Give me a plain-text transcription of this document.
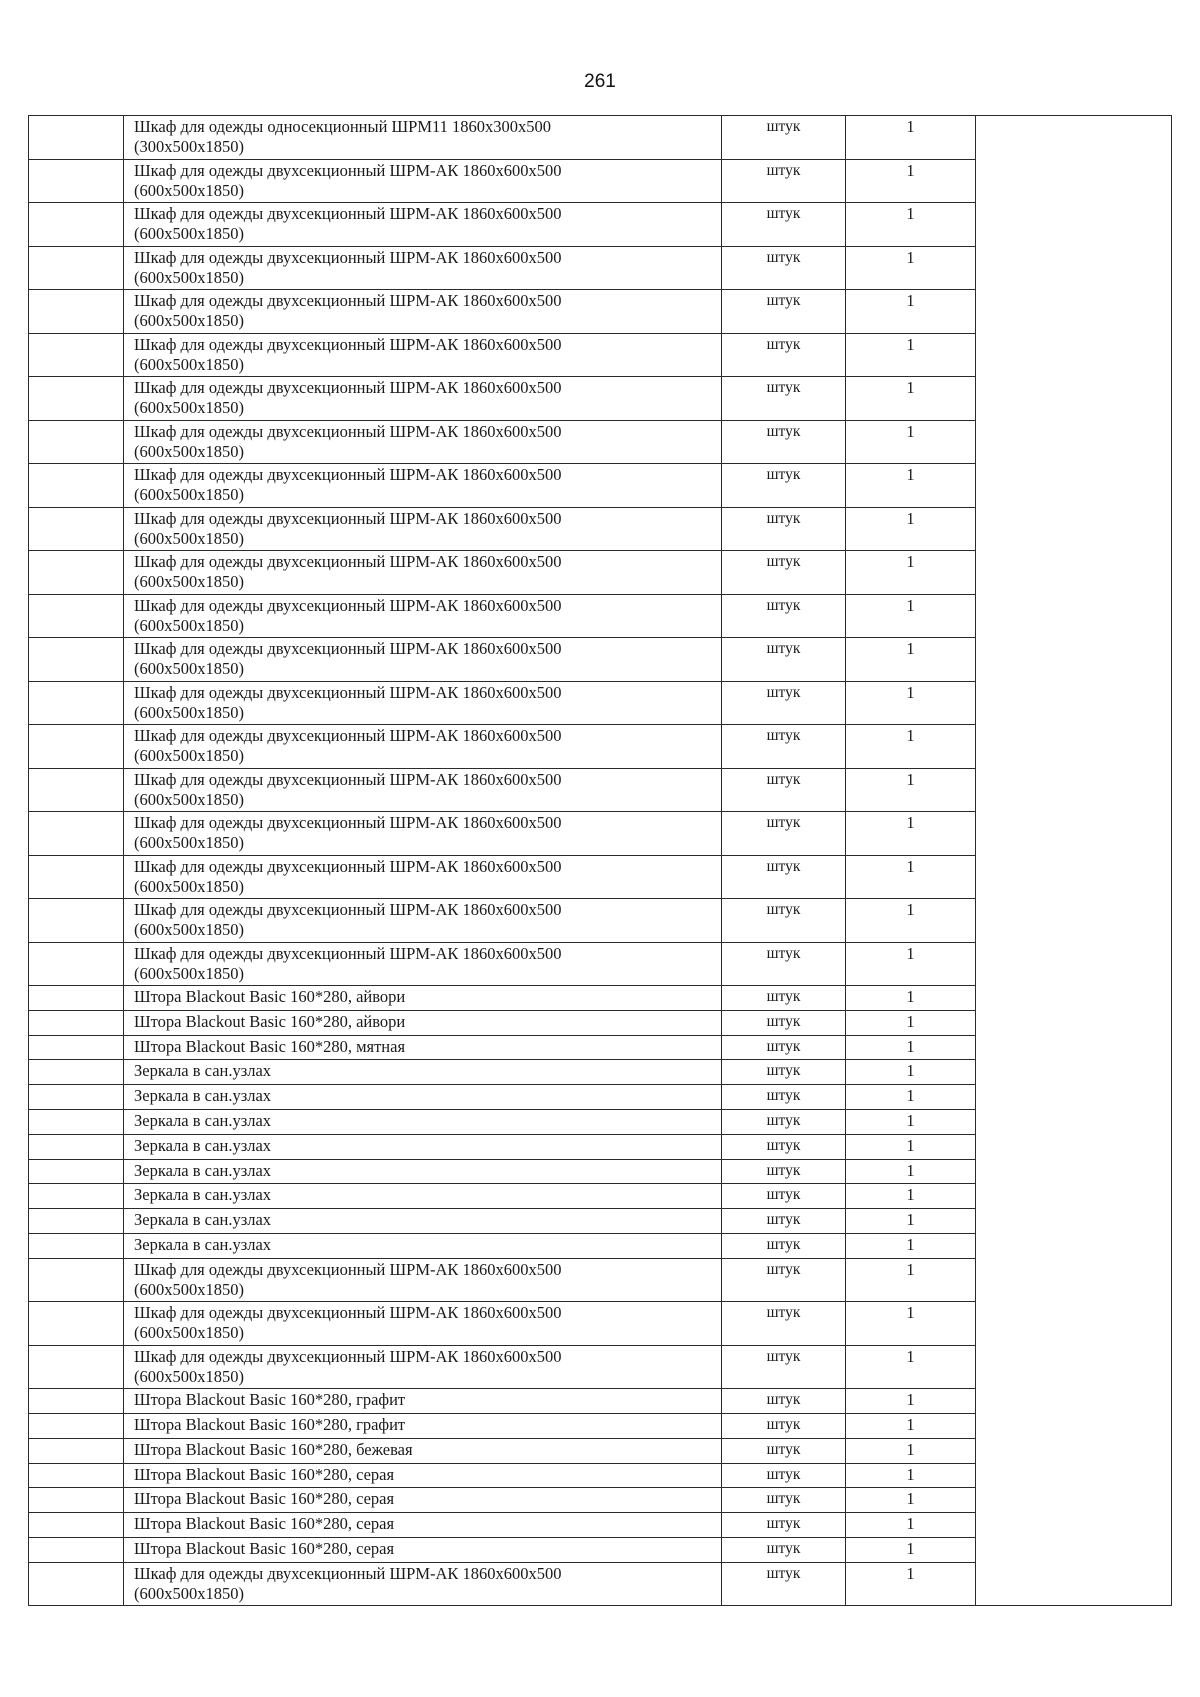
261

	Шкаф для одежды односекционный ШРМ11 1860х300х500
(300х500х1850)	штук	1	

	Шкаф для одежды двухсекционный ШРМ-АК 1860х600х500
(600х500х1850)	штук	1	

	Шкаф для одежды двухсекционный ШРМ-АК 1860х600х500
(600х500х1850)	штук	1	

	Шкаф для одежды двухсекционный ШРМ-АК 1860х600х500
(600х500х1850)	штук	1	

	Шкаф для одежды двухсекционный ШРМ-АК 1860х600х500
(600х500х1850)	штук	1	

	Шкаф для одежды двухсекционный ШРМ-АК 1860х600х500
(600х500х1850)	штук	1	

	Шкаф для одежды двухсекционный ШРМ-АК 1860х600х500
(600х500х1850)	штук	1	

	Шкаф для одежды двухсекционный ШРМ-АК 1860х600х500
(600х500х1850)	штук	1	

	Шкаф для одежды двухсекционный ШРМ-АК 1860х600х500
(600х500х1850)	штук	1	

	Шкаф для одежды двухсекционный ШРМ-АК 1860х600х500
(600х500х1850)	штук	1	

	Шкаф для одежды двухсекционный ШРМ-АК 1860х600х500
(600х500х1850)	штук	1	

	Шкаф для одежды двухсекционный ШРМ-АК 1860х600х500
(600х500х1850)	штук	1	

	Шкаф для одежды двухсекционный ШРМ-АК 1860х600х500
(600х500х1850)	штук	1	

	Шкаф для одежды двухсекционный ШРМ-АК 1860х600х500
(600х500х1850)	штук	1	

	Шкаф для одежды двухсекционный ШРМ-АК 1860х600х500
(600х500х1850)	штук	1	

	Шкаф для одежды двухсекционный ШРМ-АК 1860х600х500
(600х500х1850)	штук	1	

	Шкаф для одежды двухсекционный ШРМ-АК 1860х600х500
(600х500х1850)	штук	1	

	Шкаф для одежды двухсекционный ШРМ-АК 1860х600х500
(600х500х1850)	штук	1	

	Шкаф для одежды двухсекционный ШРМ-АК 1860х600х500
(600х500х1850)	штук	1	

	Шкаф для одежды двухсекционный ШРМ-АК 1860х600х500
(600х500х1850)	штук	1	

	Штора Blackout Basic 160*280, айвори	штук	1	

	Штора Blackout Basic 160*280, айвори	штук	1	

	Штора Blackout Basic 160*280, мятная	штук	1	

	Зеркала в сан.узлах	штук	1	

	Зеркала в сан.узлах	штук	1	

	Зеркала в сан.узлах	штук	1	

	Зеркала в сан.узлах	штук	1	

	Зеркала в сан.узлах	штук	1	

	Зеркала в сан.узлах	штук	1	

	Зеркала в сан.узлах	штук	1	

	Зеркала в сан.узлах	штук	1	

	Шкаф для одежды двухсекционный ШРМ-АК 1860х600х500
(600х500х1850)	штук	1	

	Шкаф для одежды двухсекционный ШРМ-АК 1860х600х500
(600х500х1850)	штук	1	

	Шкаф для одежды двухсекционный ШРМ-АК 1860х600х500
(600х500х1850)	штук	1	

	Штора Blackout Basic 160*280, графит	штук	1	

	Штора Blackout Basic 160*280, графит	штук	1	

	Штора Blackout Basic 160*280, бежевая	штук	1	

	Штора Blackout Basic 160*280, серая	штук	1	

	Штора Blackout Basic 160*280, серая	штук	1	

	Штора Blackout Basic 160*280, серая	штук	1	

	Штора Blackout Basic 160*280, серая	штук	1	

	Шкаф для одежды двухсекционный ШРМ-АК 1860х600х500
(600х500х1850)	штук	1	
